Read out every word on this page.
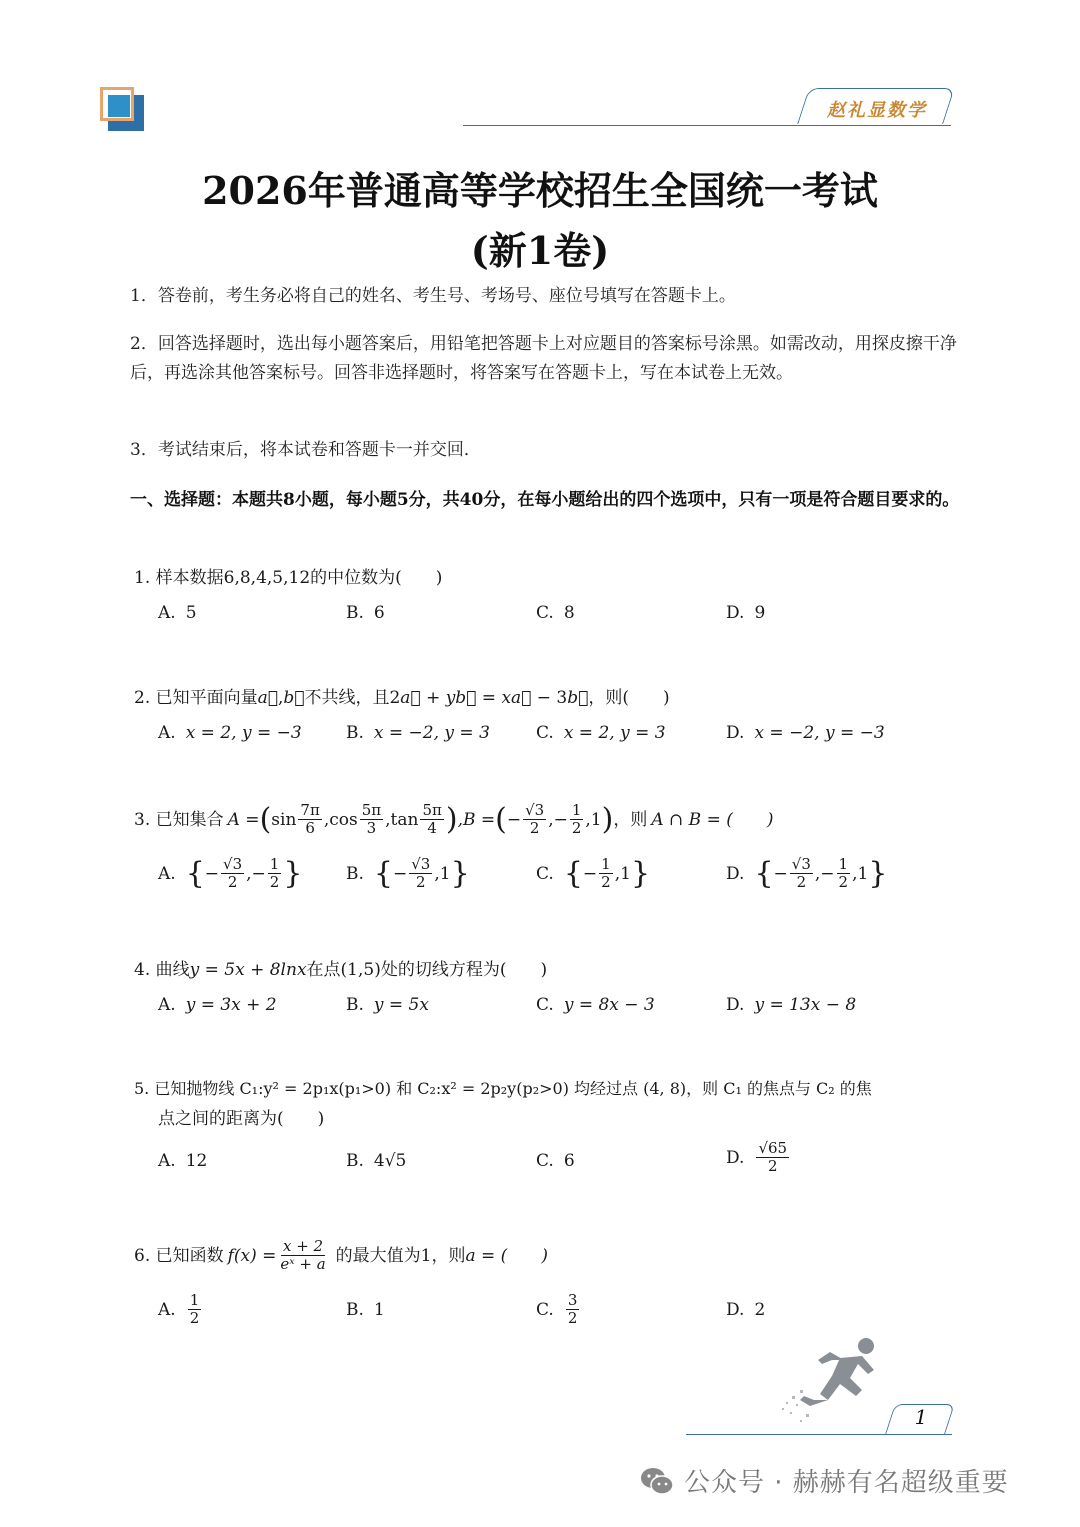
赵礼显数学
2026年普通高等学校招生全国统一考试
(新1卷)
1．答卷前，考生务必将自己的姓名、考生号、考场号、座位号填写在答题卡上。
2．回答选择题时，选出每小题答案后，用铅笔把答题卡上对应题目的答案标号涂黑。如需改动，用探皮擦干净后，再选涂其他答案标号。回答非选择题时，将答案写在答题卡上，写在本试卷上无效。
3．考试结束后，将本试卷和答题卡一并交回．
一、选择题：本题共8小题，每小题5分，共40分，在每小题给出的四个选项中，只有一项是符合题目要求的。
1. 样本数据6,8,4,5,12的中位数为(　　)
A. 5	B. 6	C. 8	D. 9
2. 已知平面向量a⃗,b⃗不共线，且2a⃗ + yb⃗ = xa⃗ − 3b⃗，则(　　)
A. x = 2, y = −3	B. x = −2, y = 3	C. x = 2, y = 3	D. x = −2, y = −3
3. 已知集合 A = ( $\sin \frac{7\pi}{6} ,\cos \frac{5\pi}{3} ,\tan \frac{5\pi}{4}$ ) ,B = ( − $\frac{√3}{2}$ ,− $\frac{1}{2} ,1$ ) ，则 A ∩ B = (　　)
A. { − $\frac{√3}{2}$ ,− $\frac{1}{2}$ }	B. { − $\frac{√3}{2} ,1$ }	C. { − $\frac{1}{2} ,1$ }	D. { − $\frac{√3}{2}$ ,− $\frac{1}{2} ,1$ }
4. 曲线y = 5x + 8lnx在点(1,5)处的切线方程为(　　)
A. y = 3x + 2	B. y = 5x	C. y = 8x − 3	D. y = 13x − 8
5. 已知抛物线 C₁:y² = 2p₁x(p₁>0) 和 C₂:x² = 2p₂y(p₂>0) 均经过点 (4, 8)，则 C₁ 的焦点与 C₂ 的焦
点之间的距离为(　　)
A. 12	B. 4√5	C. 6	D. $\frac{√65}{2}$
6. 已知函数 $f(x) = \frac{x + 2}{\text{eˣ + a}}$ 的最大值为1，则 a = (　　)
A. $\frac{1}{2}$	B. 1	C. $\frac{3}{2}$	D. 2
1
公众号 · 赫赫有名超级重要
